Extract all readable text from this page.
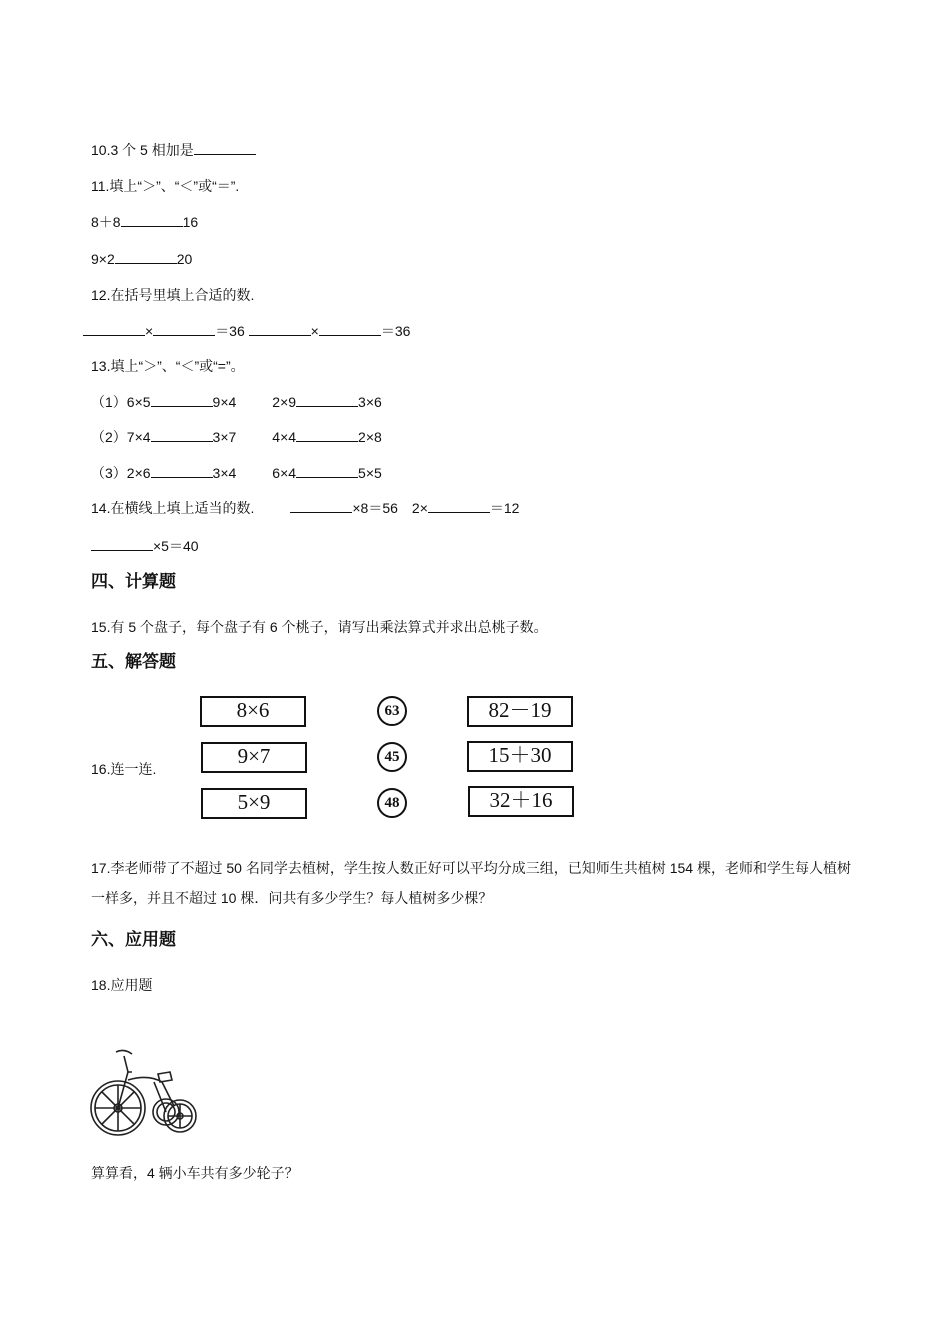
10.3 个 5 相加是
11.填上“＞”、“＜”或“＝”.
8＋8	16
9×2	20
12.在括号里填上合适的数.
×	＝36	×	＝36
13.填上“＞”、“＜”或“=”。
（1）6×5	9×4	2×9	3×6
（2）7×4	3×7	4×4	2×8
（3）2×6	3×4	6×4	5×5
14.在横线上填上适当的数.	×8＝56 2×	＝12
×5＝40
四、计算题
15.有 5 个盘子，每个盘子有 6 个桃子，请写出乘法算式并求出总桃子数。
五、解答题
16.连一连.
8×6
9×7
5×9
63
45
48
82－19
15＋30
32＋16
17.李老师带了不超过 50 名同学去植树，学生按人数正好可以平均分成三组，已知师生共植树 154 棵，老师和学生每人植树一样多，并且不超过 10 棵．问共有多少学生？每人植树多少棵？
六、应用题
18.应用题
算算看，4 辆小车共有多少轮子？
